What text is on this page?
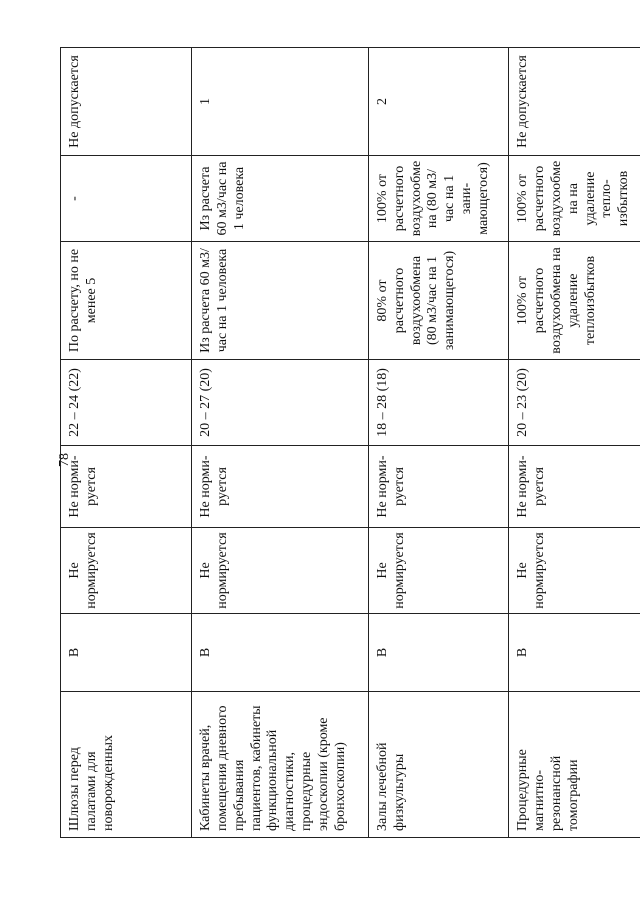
78
Шлюзы перед палатами для новорожденных	В	Не нормируется	Не норми-руется	22 – 24 (22)	По расчету, но не менее 5	-	Не допускается
Кабинеты врачей, помещения дневного пребывания пациентов, кабинеты функциональной диагностики, процедурные эндоскопии (кроме бронхоскопии)	В	Не нормируется	Не норми-руется	20 – 27 (20)	Из расчета 60 м3/час на 1 человека	Из расчета 60 м3/час на 1 человека	1
Залы лечебной физкультуры	В	Не нормируется	Не норми-руется	18 – 28 (18)	80% от расчетного воздухообмена (80 м3/час на 1 занимающегося)	100% от расчетного воздухообме на (80 м3/час на 1 зани-мающегося)	2
Процедурные магнитно-резонансной томографии	В	Не нормируется	Не норми-руется	20 – 23 (20)	100% от расчетного воздухообмена на удаление теплоизбытков	100% от расчетного воздухообме на на удаление тепло-избытков	Не допускается
